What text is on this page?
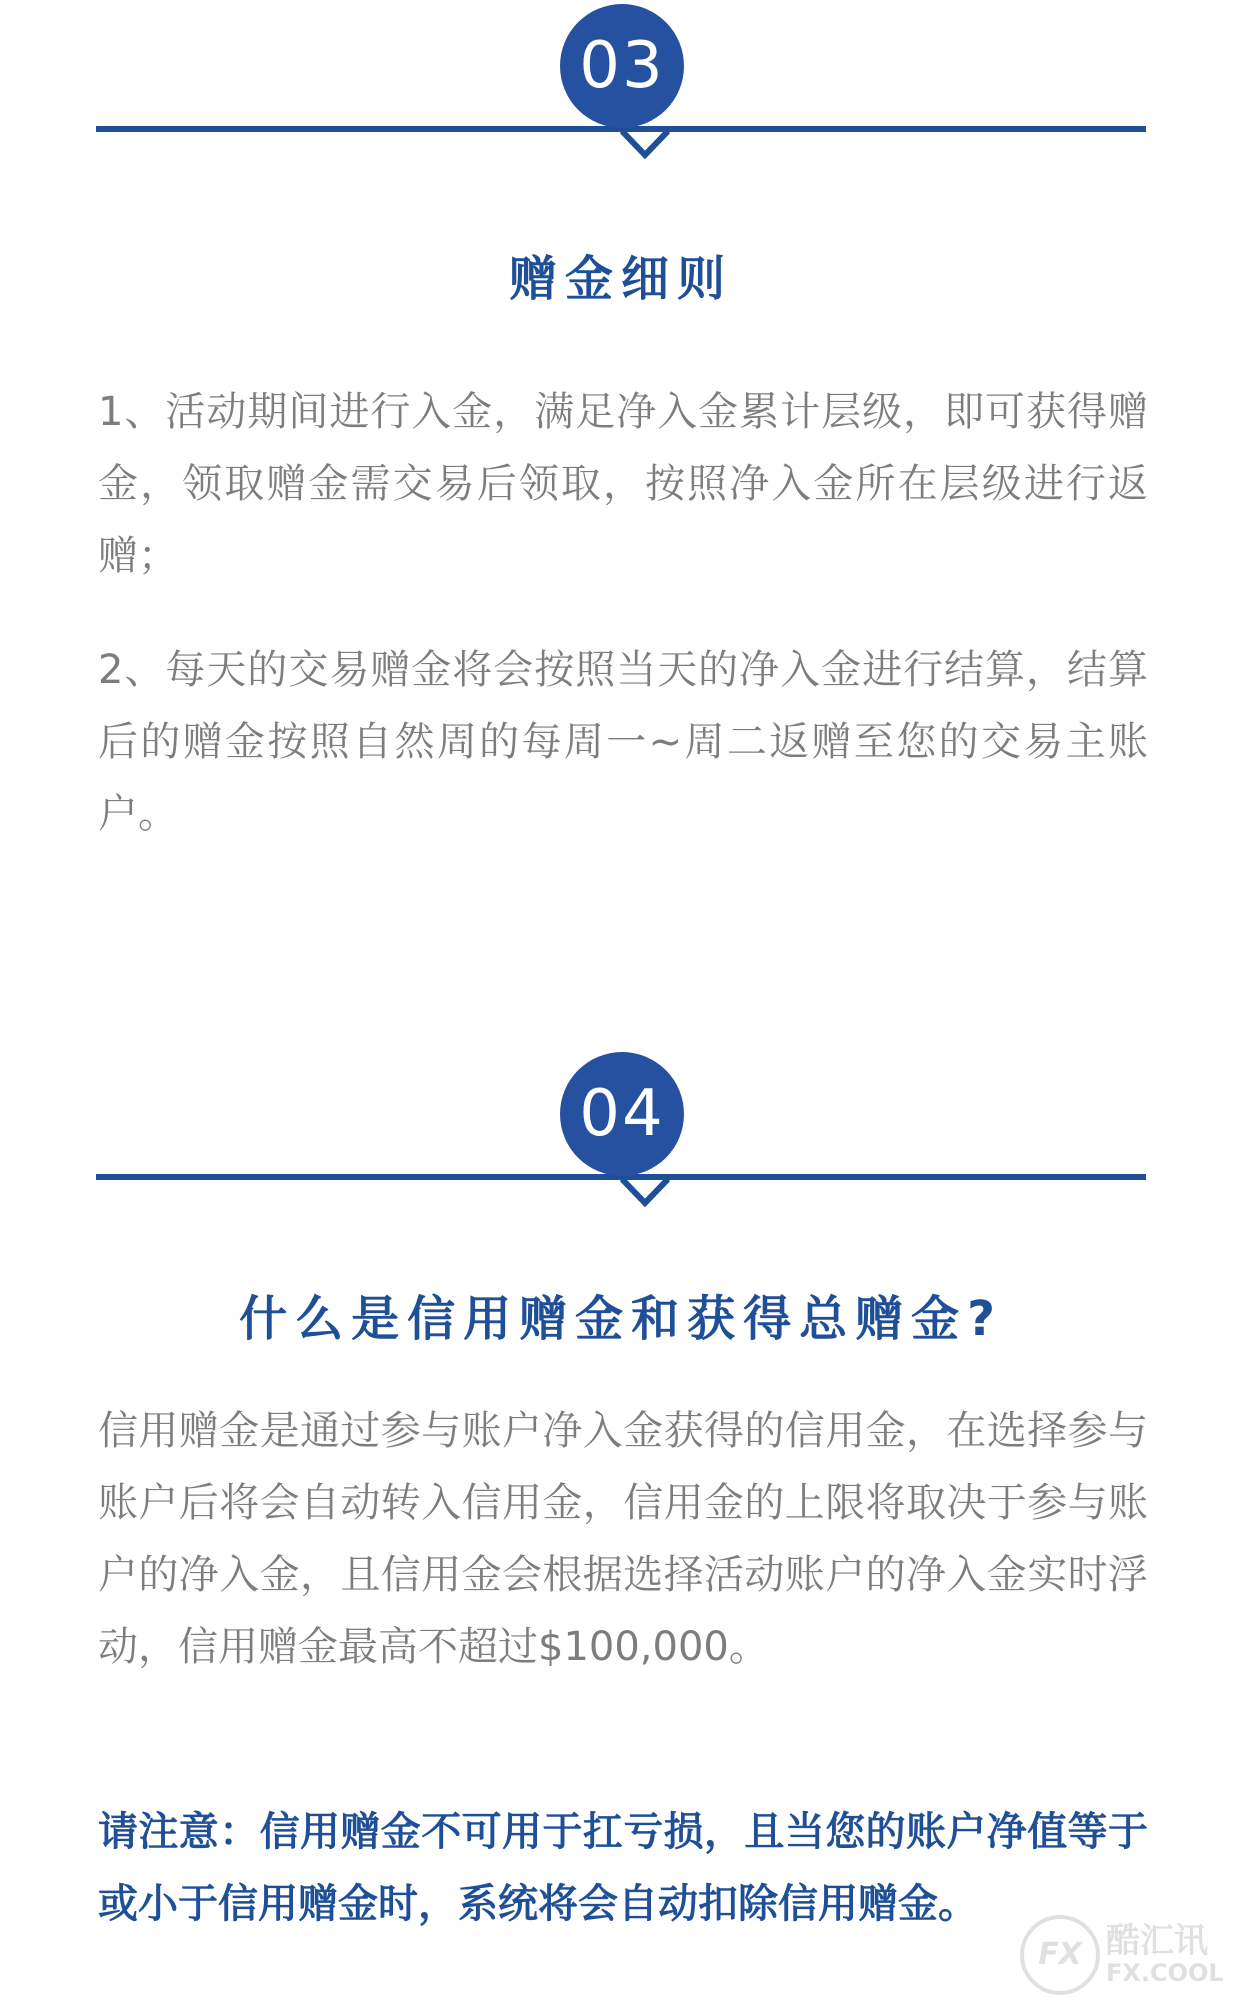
03
赠金细则

1、活动期间进行入金，满足净入金累计层级，即可获得赠金，领取赠金需交易后领取，按照净入金所在层级进行返赠；

2、每天的交易赠金将会按照当天的净入金进行结算，结算后的赠金按照自然周的每周一~周二返赠至您的交易主账户。

04
什么是信用赠金和获得总赠金?

信用赠金是通过参与账户净入金获得的信用金，在选择参与账户后将会自动转入信用金，信用金的上限将取决于参与账户的净入金，且信用金会根据选择活动账户的净入金实时浮动，信用赠金最高不超过$100,000。

请注意：信用赠金不可用于扛亏损，且当您的账户净值等于或小于信用赠金时，系统将会自动扣除信用赠金。

FX 酷汇讯
FX.COOL
